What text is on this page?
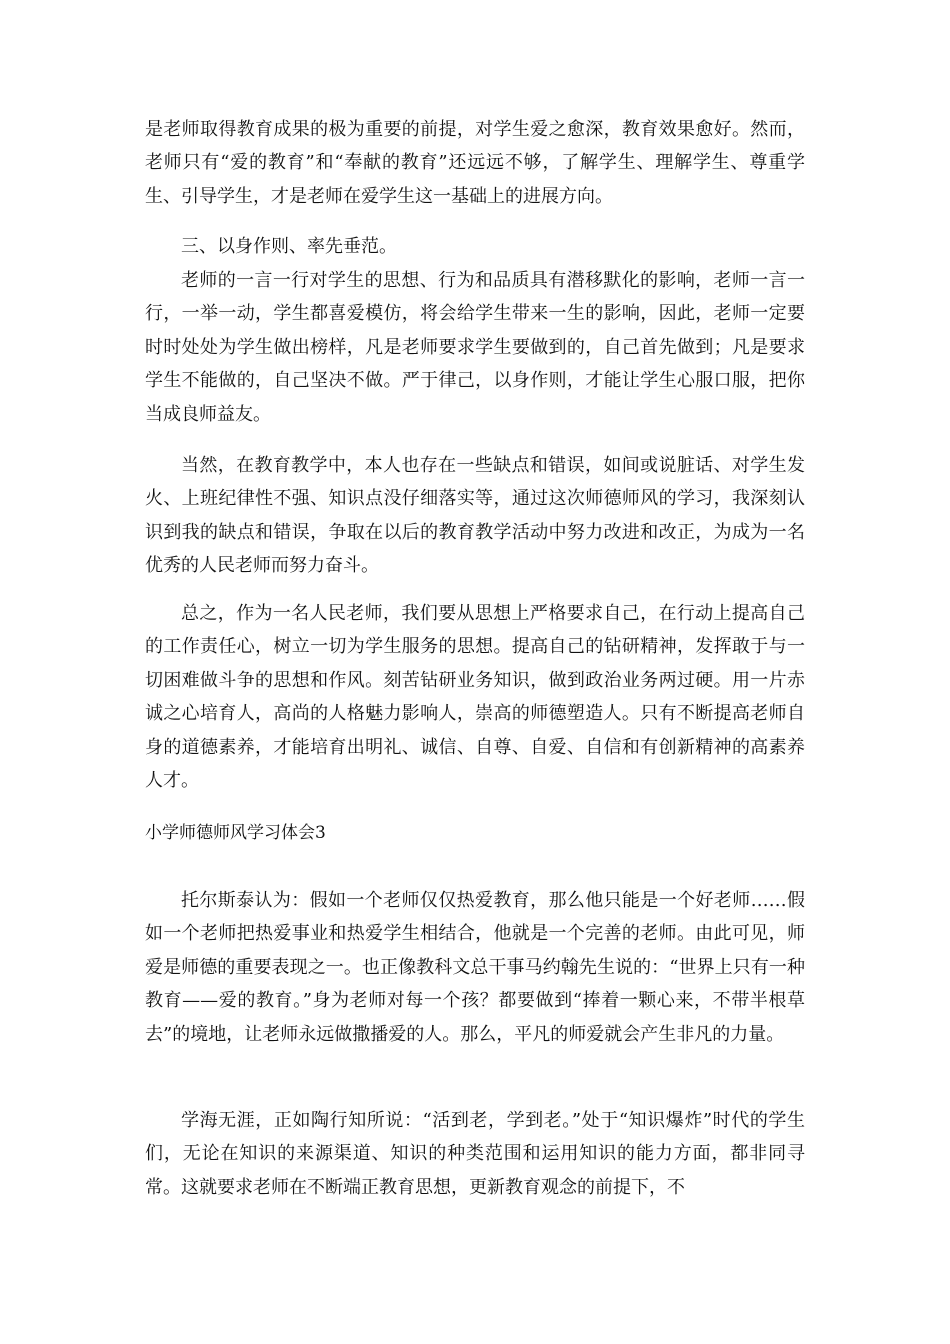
是老师取得教育成果的极为重要的前提，对学生爱之愈深，教育效果愈好。然而，老师只有“爱的教育”和“奉献的教育”还远远不够，了解学生、理解学生、尊重学生、引导学生，才是老师在爱学生这一基础上的进展方向。

三、以身作则、率先垂范。

老师的一言一行对学生的思想、行为和品质具有潜移默化的影响，老师一言一行，一举一动，学生都喜爱模仿，将会给学生带来一生的影响，因此，老师一定要时时处处为学生做出榜样，凡是老师要求学生要做到的，自己首先做到；凡是要求学生不能做的，自己坚决不做。严于律己，以身作则，才能让学生心服口服，把你当成良师益友。

当然，在教育教学中，本人也存在一些缺点和错误，如间或说脏话、对学生发火、上班纪律性不强、知识点没仔细落实等，通过这次师德师风的学习，我深刻认识到我的缺点和错误，争取在以后的教育教学活动中努力改进和改正，为成为一名优秀的人民老师而努力奋斗。

总之，作为一名人民老师，我们要从思想上严格要求自己，在行动上提高自己的工作责任心，树立一切为学生服务的思想。提高自己的钻研精神，发挥敢于与一切困难做斗争的思想和作风。刻苦钻研业务知识，做到政治业务两过硬。用一片赤诚之心培育人，高尚的人格魅力影响人，崇高的师德塑造人。只有不断提高老师自身的道德素养，才能培育出明礼、诚信、自尊、自爱、自信和有创新精神的高素养人才。

小学师德师风学习体会3

托尔斯泰认为：假如一个老师仅仅热爱教育，那么他只能是一个好老师……假如一个老师把热爱事业和热爱学生相结合，他就是一个完善的老师。由此可见，师爱是师德的重要表现之一。也正像教科文总干事马约翰先生说的：“世界上只有一种教育——爱的教育。”身为老师对每一个孩？都要做到“捧着一颗心来，不带半根草去”的境地，让老师永远做撒播爱的人。那么，平凡的师爱就会产生非凡的力量。

学海无涯，正如陶行知所说：“活到老，学到老。”处于“知识爆炸”时代的学生们，无论在知识的来源渠道、知识的种类范围和运用知识的能力方面，都非同寻常。这就要求老师在不断端正教育思想，更新教育观念的前提下，不
